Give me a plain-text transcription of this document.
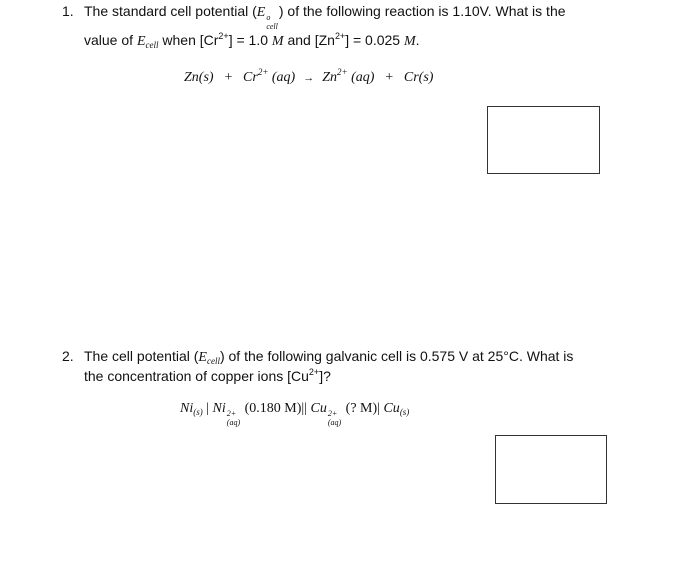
1. The standard cell potential (E o
cell
) of the following reaction is 1.10V. What is the
value of $E_{cell}$ when $[Cr^{2+}] = 1.0$ M and $[Zn^{2+}] = 0.025$ M.
$Zn(s) + Cr^{2+}$ $(aq) \to Zn^{2+}$ (aq) + Cr(s)
2. The cell potential $(E_{cell})$ of the following galvanic cell is 0.575 V at 25°C. What is
the concentration of copper ions $[Cu^{2+}]$?
$Ni_{(s)}$ | Ni 2+
(aq)
(0.180 M)|| Cu 2+
(aq)
(? M)| $Cu_{(s)}$
